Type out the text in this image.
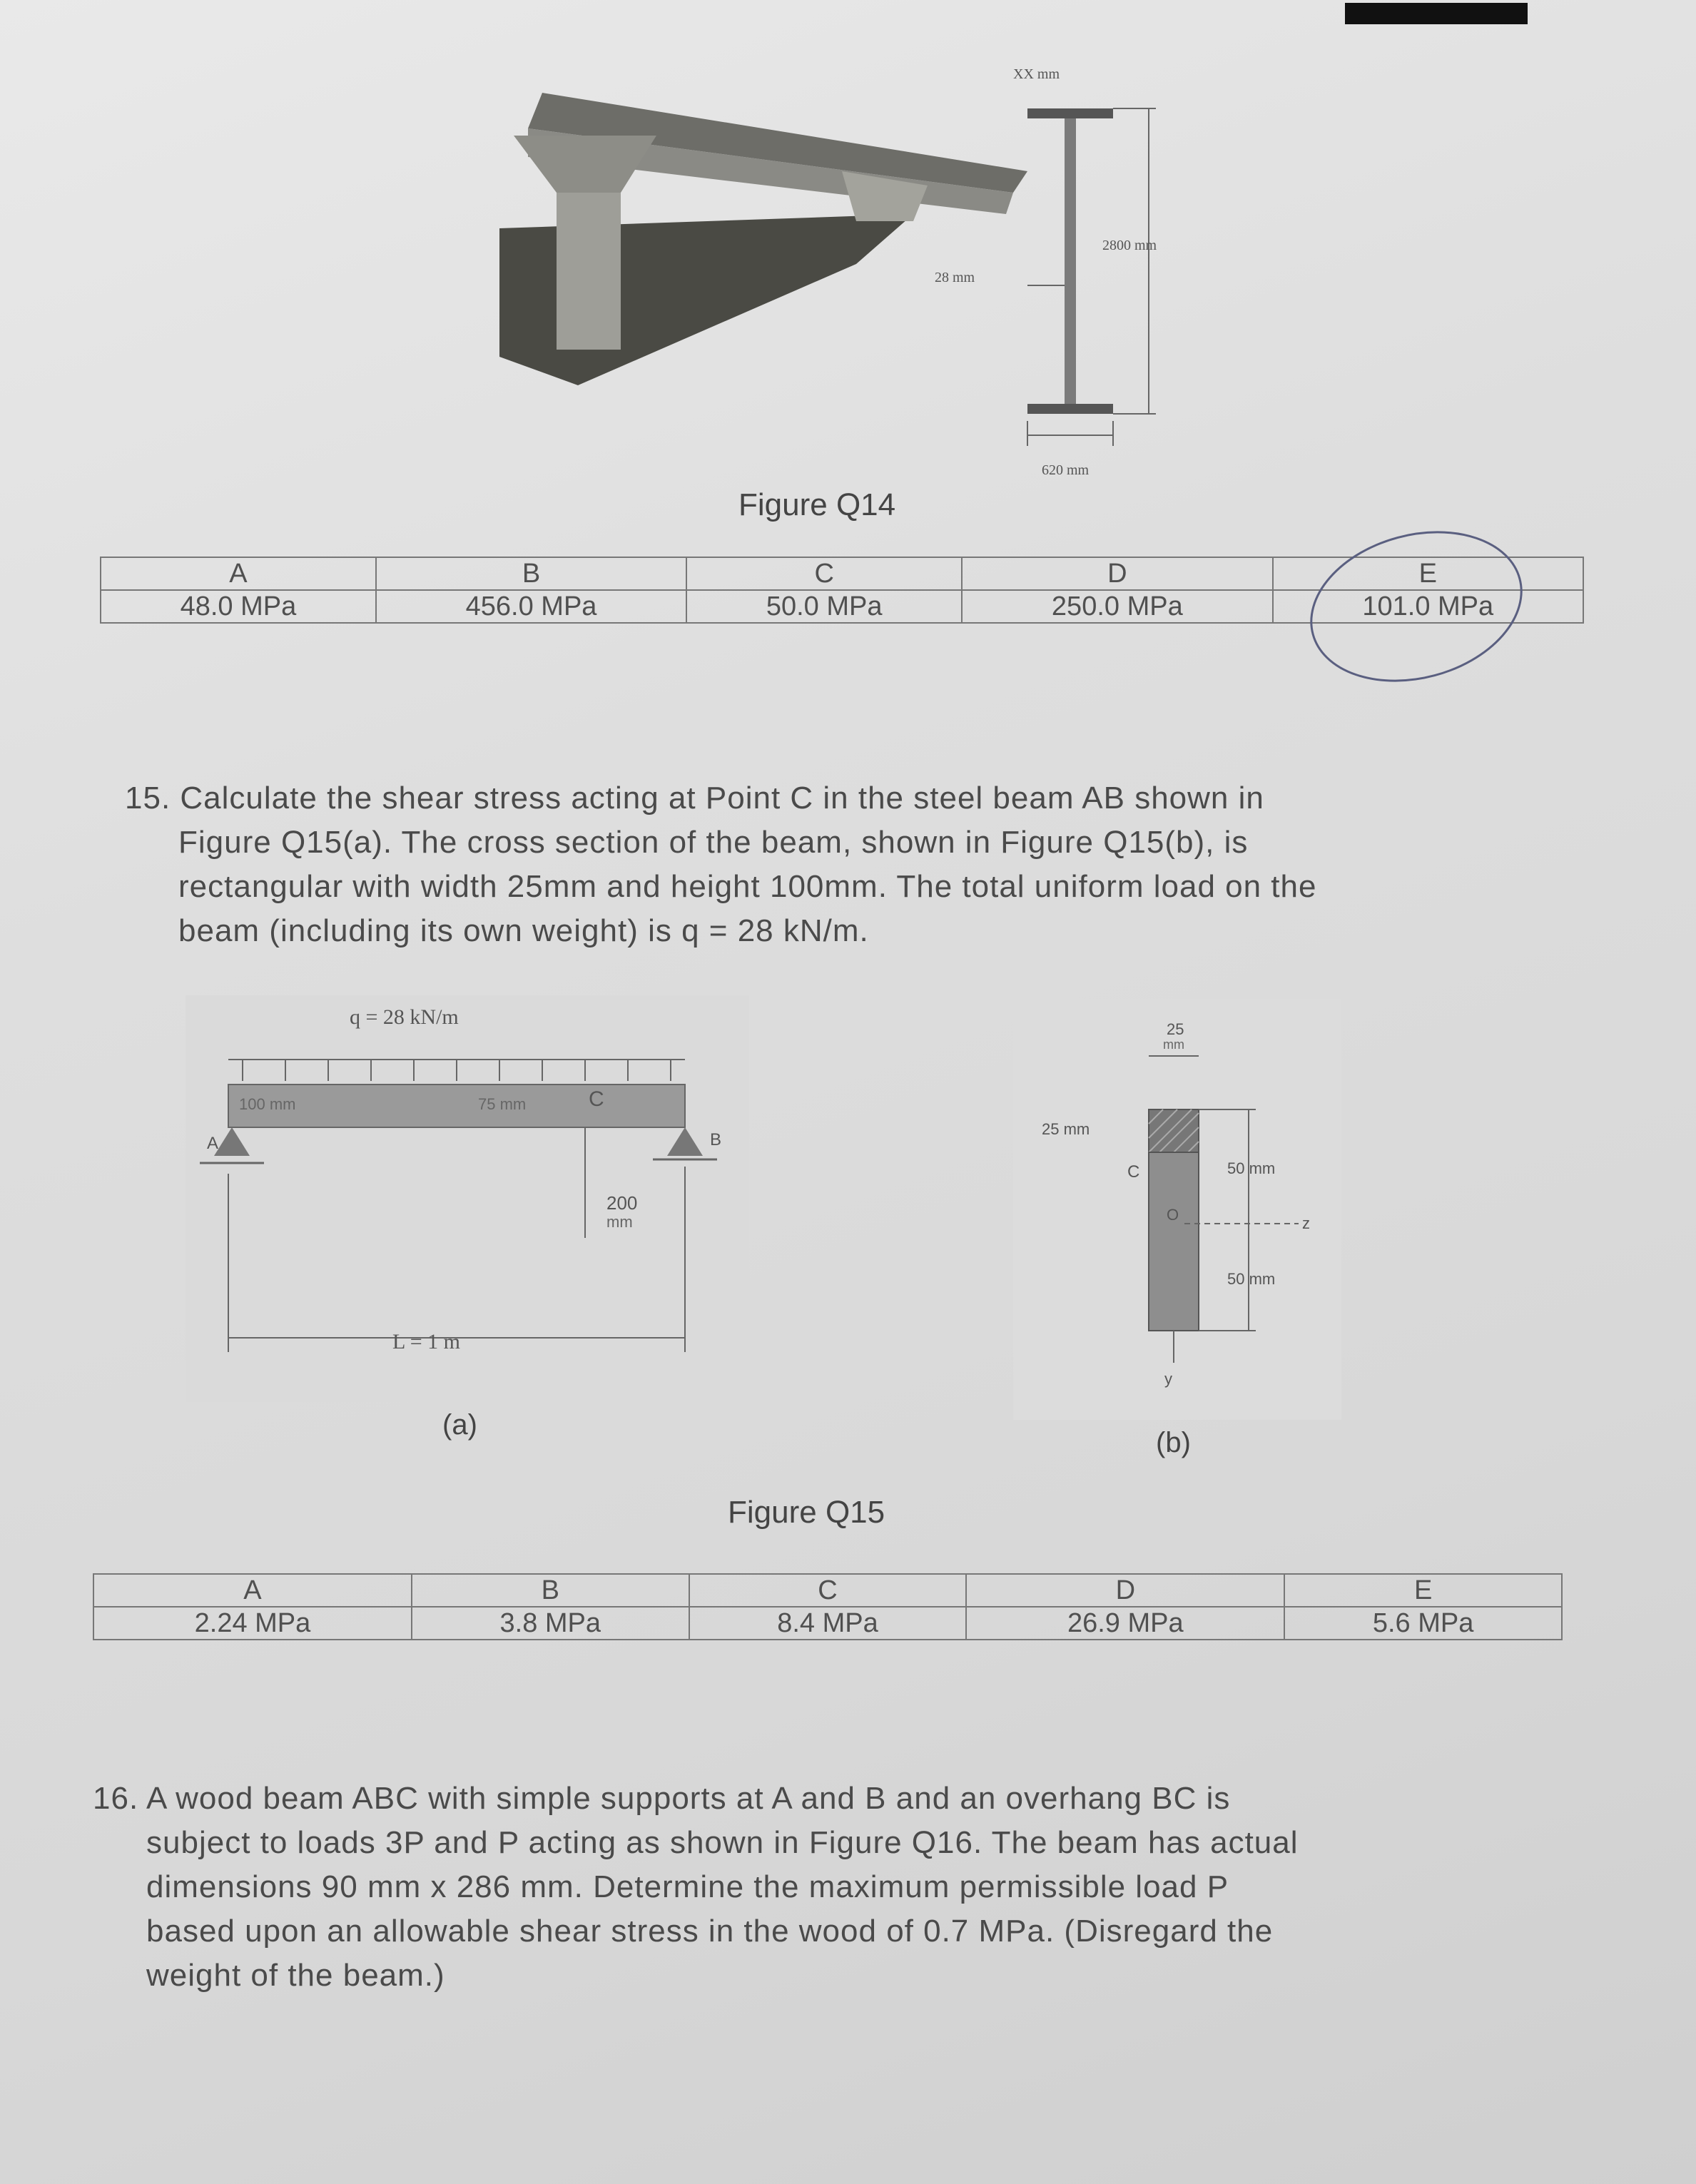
XX mm
28 mm
2800 mm
620 mm
Figure Q14
A	B	C	D	E
48.0 MPa	456.0 MPa	50.0 MPa	250.0 MPa	101.0 MPa
15. Calculate the shear stress acting at Point C in the steel beam AB shown in
Figure Q15(a). The cross section of the beam, shown in Figure Q15(b), is
rectangular with width 25mm and height 100mm. The total uniform load on the
beam (including its own weight) is q = 28 kN/m.
q = 28 kN/m
A	B
100 mm	75 mm	C
200
mm
L = 1 m
(a)
25
mm
25 mm
C
O
50 mm
50 mm
z
y
(b)
Figure Q15
A	B	C	D	E
2.24 MPa	3.8 MPa	8.4 MPa	26.9 MPa	5.6 MPa
16. A wood beam ABC with simple supports at A and B and an overhang BC is
subject to loads 3P and P acting as shown in Figure Q16. The beam has actual
dimensions 90 mm x 286 mm. Determine the maximum permissible load P
based upon an allowable shear stress in the wood of 0.7 MPa. (Disregard the
weight of the beam.)
